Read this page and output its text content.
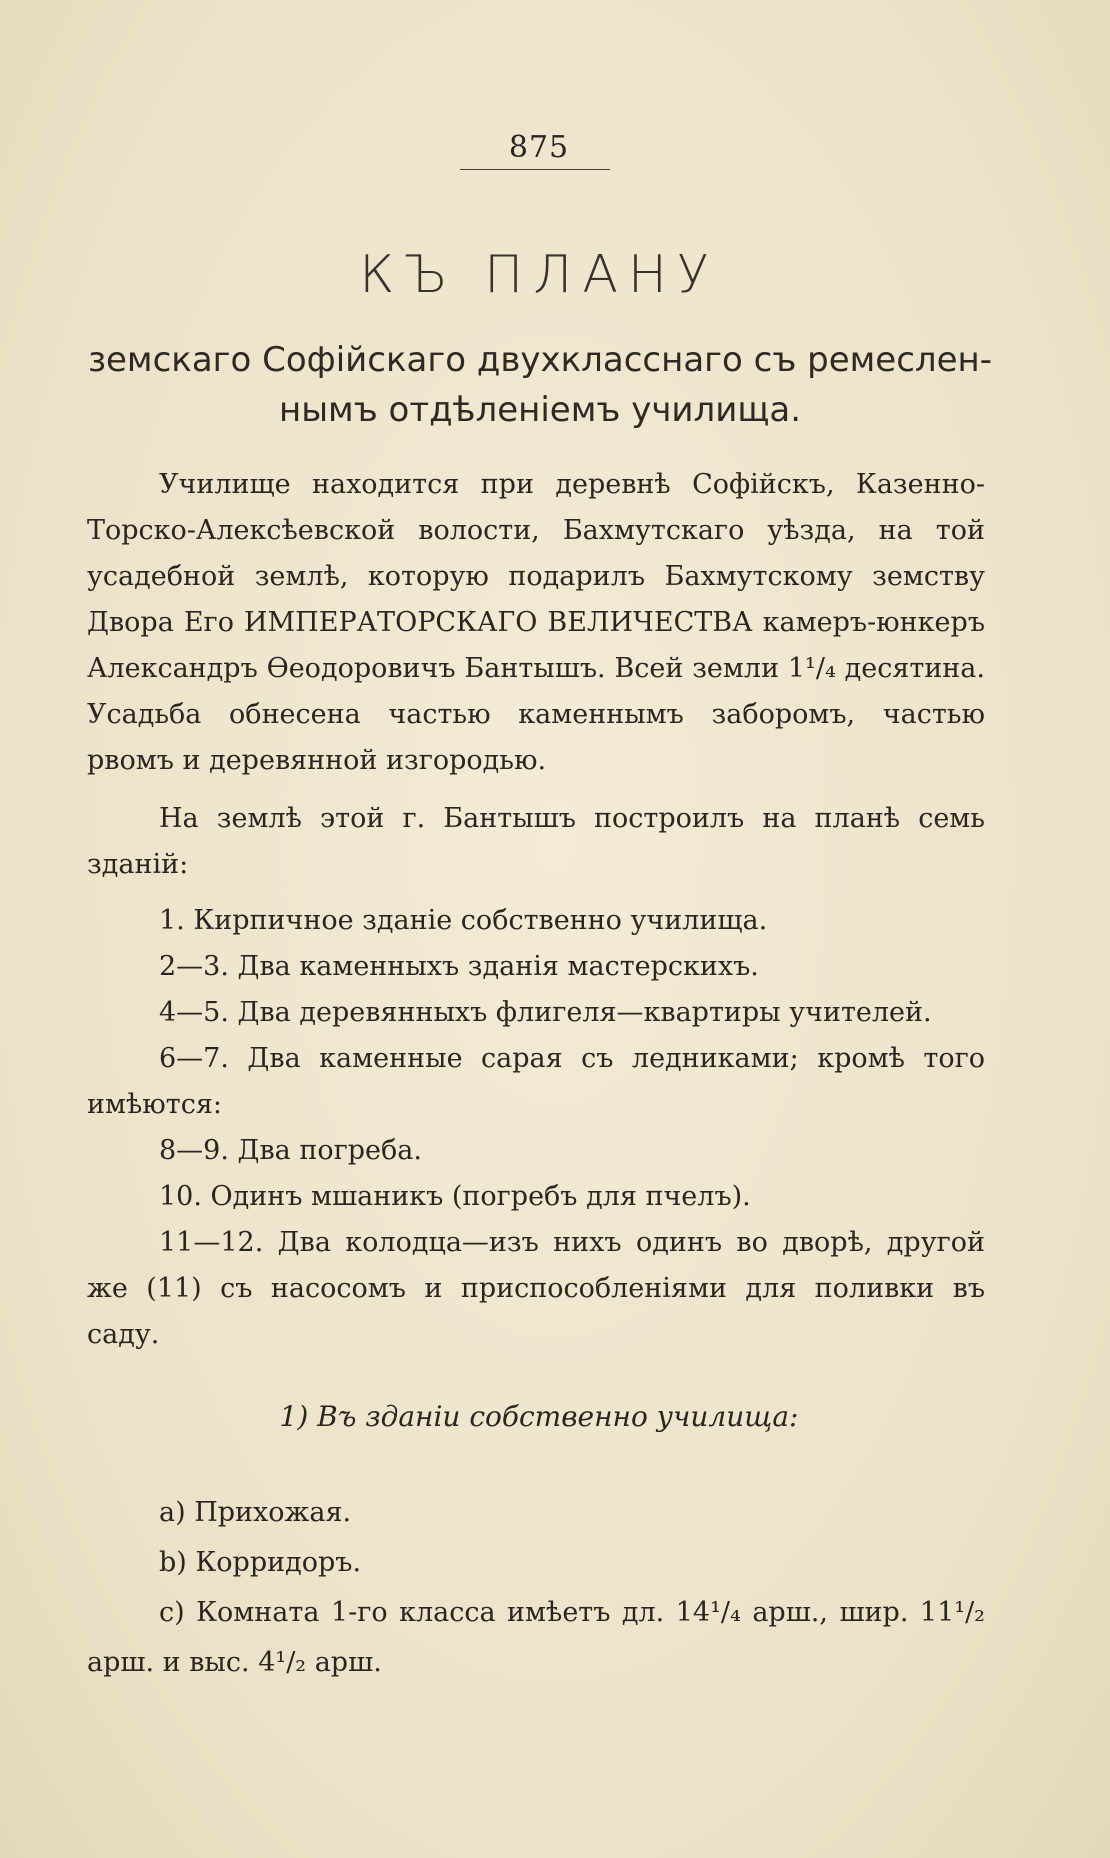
875
КЪ ПЛАНУ
земскаго Софійскаго двухкласснаго съ ремеслен-
нымъ отдѣленіемъ училища.

Училище находится при деревнѣ Софійскъ, Казенно-Торско-Алексѣевской волости, Бахмутскаго уѣзда, на той усадебной землѣ, которую подарилъ Бахмутскому земству Двора Его ИМПЕРАТОРСКАГО ВЕЛИЧЕСТВА камеръ-юнкеръ Александръ Ѳеодоровичъ Бантышъ. Всей земли 1¹/₄ десятина. Усадьба обнесена частью каменнымъ заборомъ, частью рвомъ и деревянной изгородью.

На землѣ этой г. Бантышъ построилъ на планѣ семь зданій:

1. Кирпичное зданіе собственно училища.

2—3. Два каменныхъ зданія мастерскихъ.

4—5. Два деревянныхъ флигеля—квартиры учителей.

6—7. Два каменные сарая съ ледниками; кромѣ того имѣются:

8—9. Два погреба.

10. Одинъ мшаникъ (погребъ для пчелъ).

11—12. Два колодца—изъ нихъ одинъ во дворѣ, другой же (11) съ насосомъ и приспособленіями для поливки въ саду.

1) Въ зданіи собственно училища:

a) Прихожая.

b) Корридоръ.

c) Комната 1-го класса имѣетъ дл. 14¹/₄ арш., шир. 11¹/₂ арш. и выс. 4¹/₂ арш.
